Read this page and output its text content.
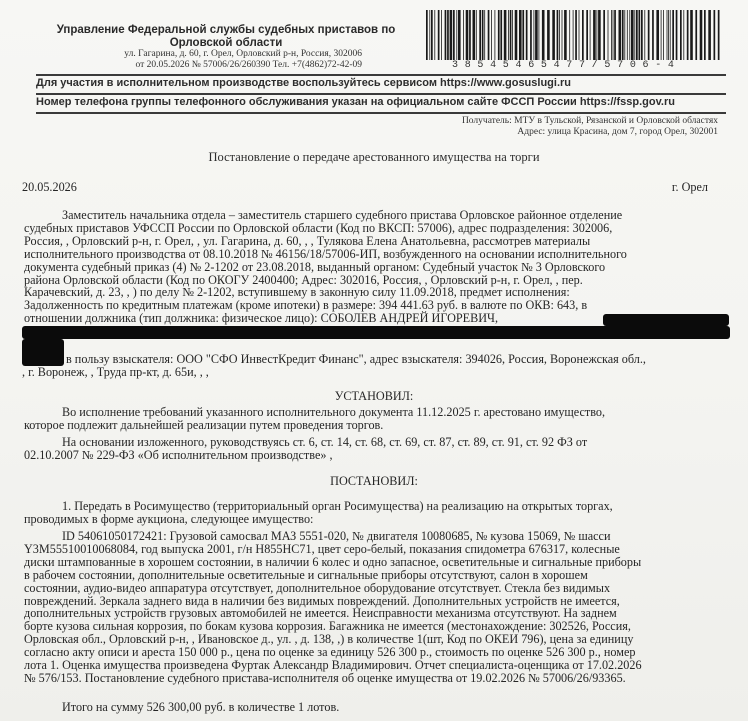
Управление Федеральной службы судебных приставов по Орловской области
ул. Гагарина, д. 60, г. Орел, Орловский р-н, Россия, 302006
от 20.05.2026 № 57006/26/260390 Тел. +7(4862)72-42-09	38545465477/5706-4
Для участия в исполнительном производстве воспользуйтесь сервисом https://www.gosuslugi.ru
Номер телефона группы телефонного обслуживания указан на официальном сайте ФССП России https://fssp.gov.ru
Получатель: МТУ в Тульской, Рязанской и Орловской областях
Адрес: улица Красина, дом 7, город Орел, 302001
Постановление о передаче арестованного имущества на торги
20.05.2026	г. Орел
Заместитель начальника отдела – заместитель старшего судебного пристава Орловское районное отделение
судебных приставов УФССП России по Орловской области (Код по ВКСП: 57006), адрес подразделения: 302006,
Россия, , Орловский р-н, г. Орел, , ул. Гагарина, д. 60, , , Тулякова Елена Анатольевна, рассмотрев материалы
исполнительного производства от 08.10.2018 № 46156/18/57006-ИП, возбужденного на основании исполнительного
документа судебный приказ (4) № 2-1202 от 23.08.2018, выданный органом: Судебный участок № 3 Орловского
района Орловской области (Код по ОКОГУ 2400400; Адрес: 302016, Россия, , Орловский р-н, г. Орел, , пер.
Карачевский, д. 23, , ) по делу № 2-1202, вступившему в законную силу 11.09.2018, предмет исполнения:
Задолженность по кредитным платежам (кроме ипотеки) в размере: 394 441.63 руб. в валюте по ОКВ: 643, в
отношении должника (тип должника: физическое лицо): СОБОЛЕВ АНДРЕЙ ИГОРЕВИЧ,
в пользу взыскателя: ООО "СФО ИнвестКредит Финанс", адрес взыскателя: 394026, Россия, Воронежская обл.,
, г. Воронеж, , Труда пр-кт, д. 65и, , ,
УСТАНОВИЛ:
Во исполнение требований указанного исполнительного документа 11.12.2025 г. арестовано имущество,
которое подлежит дальнейшей реализации путем проведения торгов.
На основании изложенного, руководствуясь ст. 6, ст. 14, ст. 68, ст. 69, ст. 87, ст. 89, ст. 91, ст. 92 ФЗ от
02.10.2007 № 229-ФЗ «Об исполнительном производстве» ,
ПОСТАНОВИЛ:
1. Передать в Росимущество (территориальный орган Росимущества) на реализацию на открытых торгах,
проводимых в форме аукциона, следующее имущество:
ID 54061050172421: Грузовой самосвал МАЗ 5551-020, № двигателя 10080685, № кузова 15069, № шасси
Y3M55510010068084, год выпуска 2001, г/н Н855НС71, цвет серо-белый, показания спидометра 676317, колесные
диски штампованные в хорошем состоянии, в наличии 6 колес и одно запасное, осветительные и сигнальные приборы
в рабочем состоянии, дополнительные осветительные и сигнальные приборы отсутствуют, салон в хорошем
состоянии, аудио-видео аппаратура отсутствует, дополнительное оборудование отсутствует. Стекла без видимых
повреждений. Зеркала заднего вида в наличии без видимых повреждений. Дополнительных устройств не имеется,
дополнительных устройств грузовых автомобилей не имеется. Неисправности механизма отсутствуют. На заднем
борте кузова сильная коррозия, по бокам кузова коррозия. Багажника не имеется (местонахождение: 302526, Россия,
Орловская обл., Орловский р-н, , Ивановское д., ул. , д. 138, ,) в количестве 1(шт, Код по ОКЕИ 796), цена за единицу
согласно акту описи и ареста 150 000 р., цена по оценке за единицу 526 300 р., стоимость по оценке 526 300 р., номер
лота 1. Оценка имущества произведена Фуртак Александр Владимирович. Отчет специалиста-оценщика от 17.02.2026
№ 576/153. Постановление судебного пристава-исполнителя об оценке имущества от 19.02.2026 № 57006/26/93365.
Итого на сумму 526 300,00 руб. в количестве 1 лотов.
